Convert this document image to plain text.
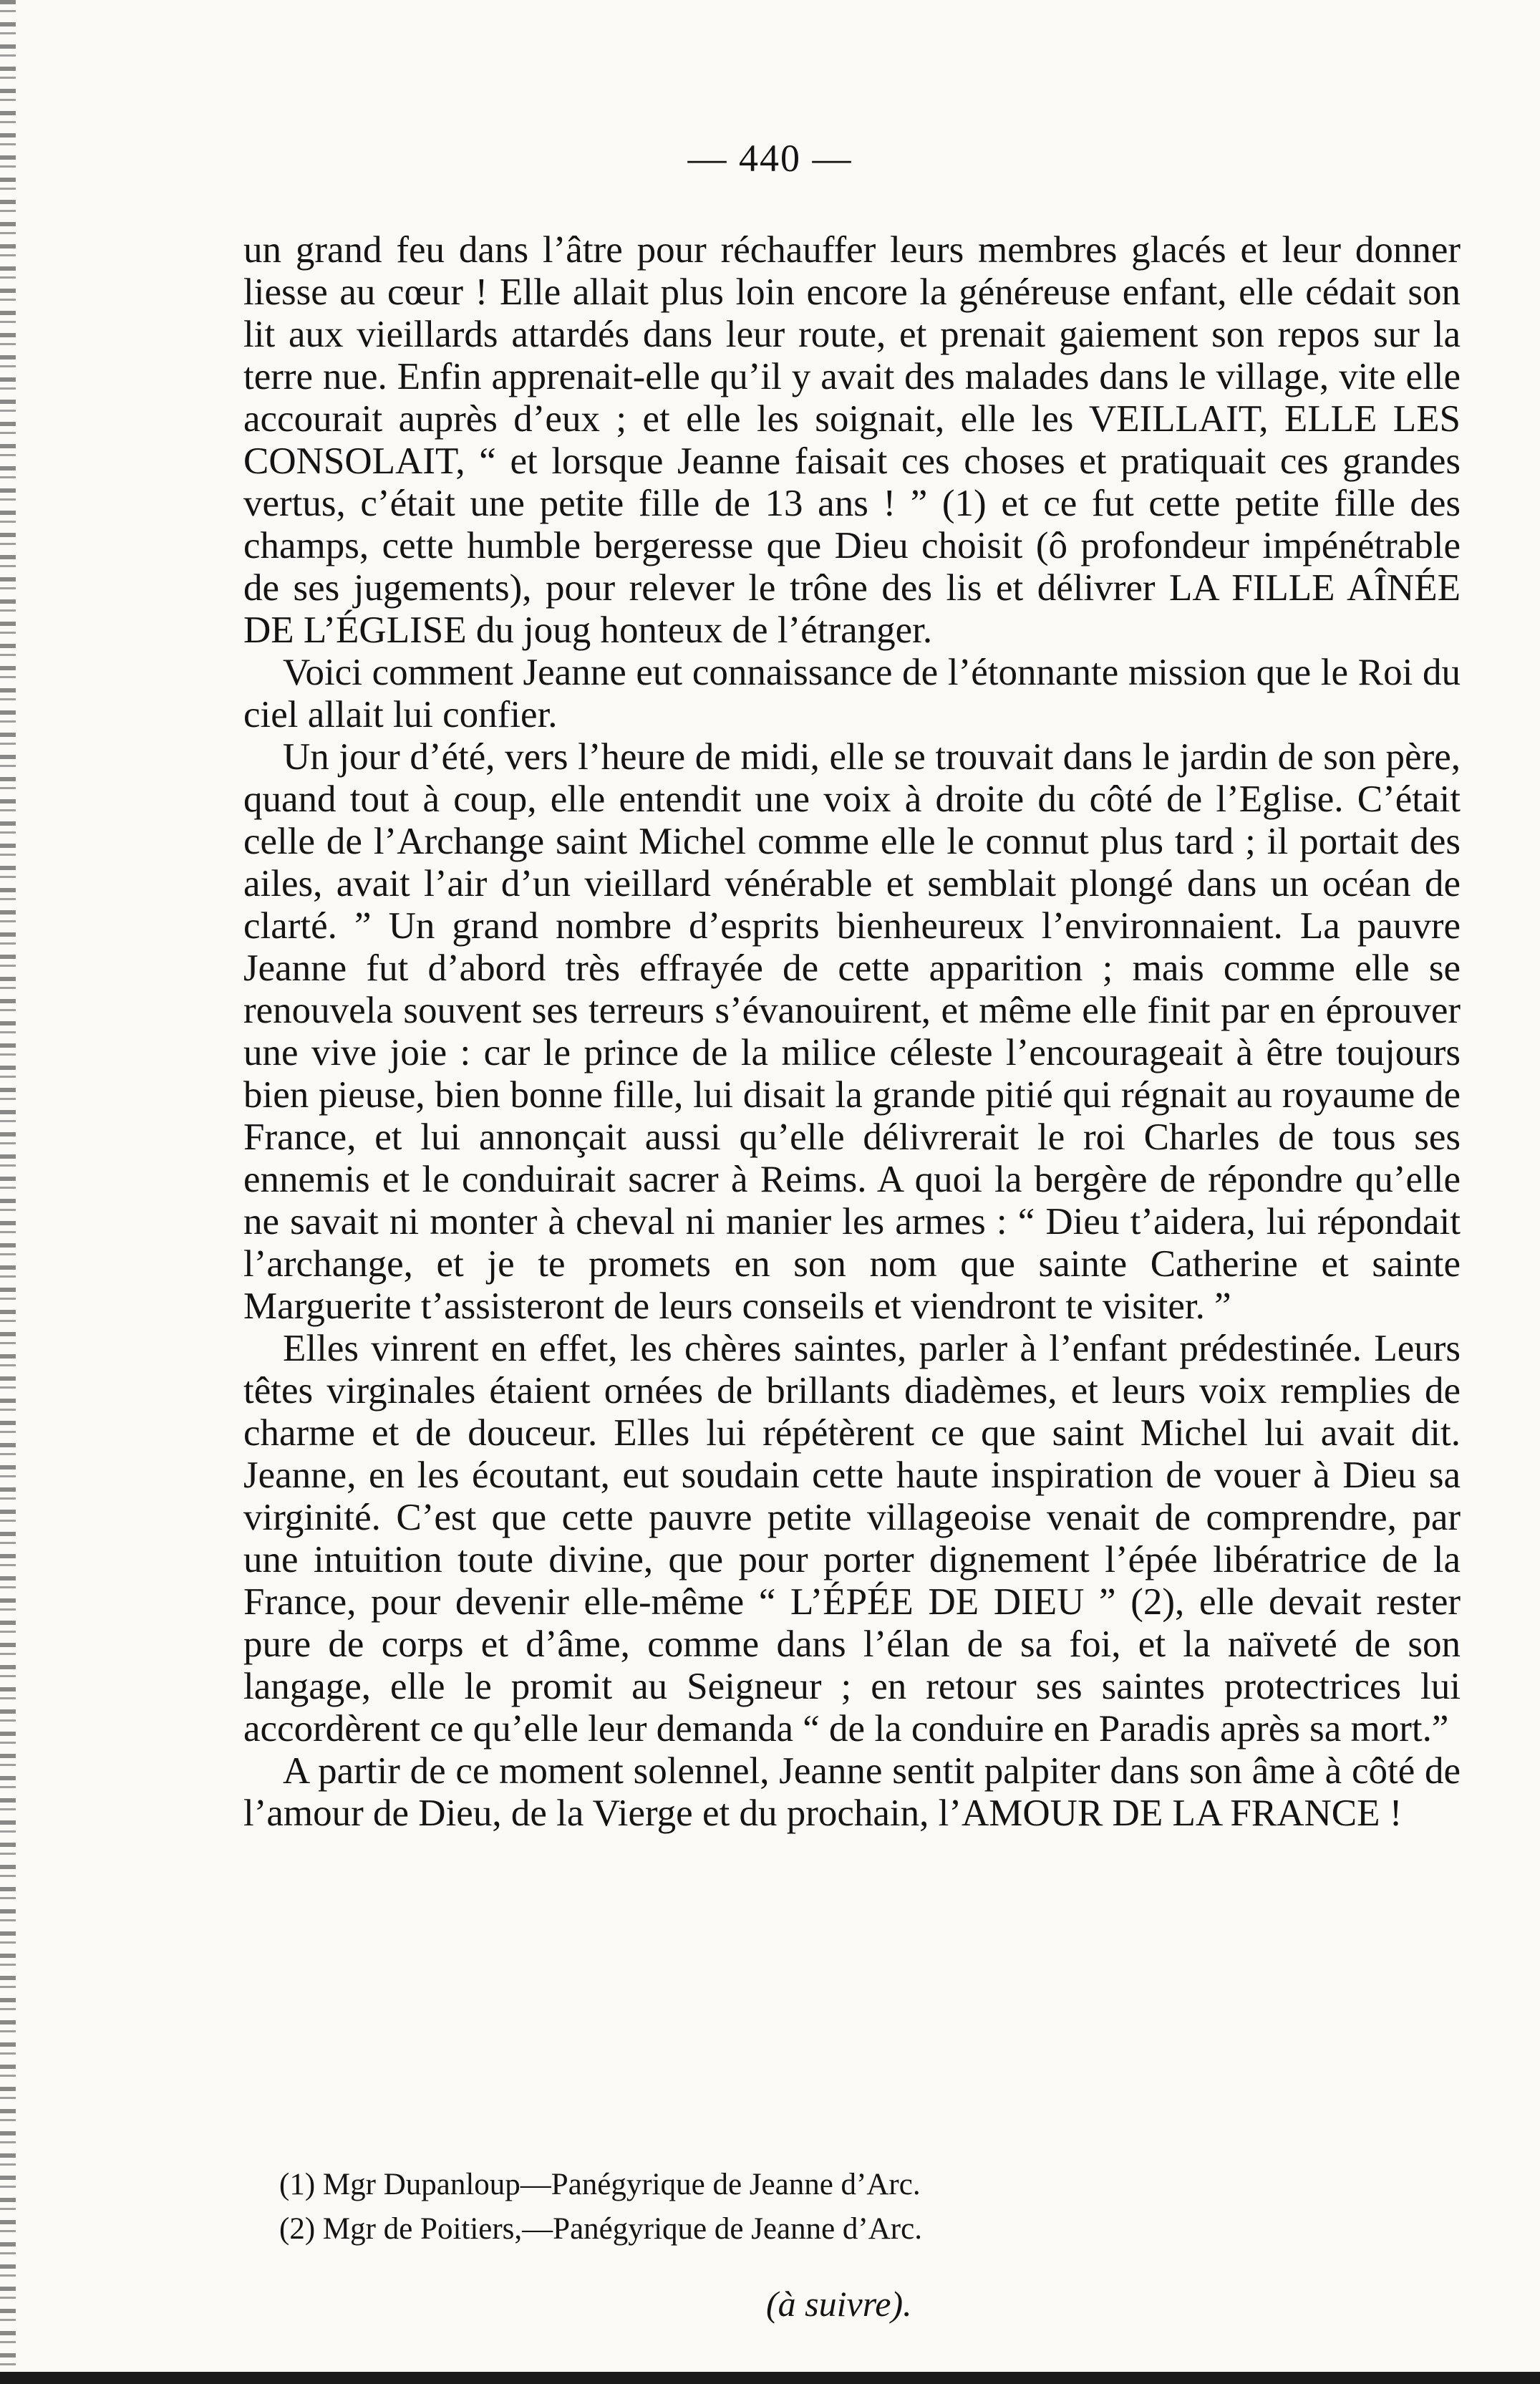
— 440 —

un grand feu dans l’âtre pour réchauffer leurs membres glacés et leur donner liesse au cœur ! Elle allait plus loin encore la généreuse enfant, elle cédait son lit aux vieillards attardés dans leur route, et prenait gaiement son repos sur la terre nue. Enfin apprenait-elle qu’il y avait des malades dans le village, vite elle accourait auprès d’eux ; et elle les soignait, elle les VEILLAIT, ELLE LES CONSOLAIT, “ et lorsque Jeanne faisait ces choses et pratiquait ces grandes vertus, c’était une petite fille de 13 ans ! ” (1) et ce fut cette petite fille des champs, cette humble bergeresse que Dieu choisit (ô profondeur impénétrable de ses jugements), pour relever le trône des lis et délivrer LA FILLE AÎNÉE DE L’ÉGLISE du joug honteux de l’étranger.

Voici comment Jeanne eut connaissance de l’étonnante mission que le Roi du ciel allait lui confier.

Un jour d’été, vers l’heure de midi, elle se trouvait dans le jardin de son père, quand tout à coup, elle entendit une voix à droite du côté de l’Eglise. C’était celle de l’Archange saint Michel comme elle le connut plus tard ; il portait des ailes, avait l’air d’un vieillard vénérable et semblait plongé dans un océan de clarté. ” Un grand nombre d’esprits bienheureux l’environnaient. La pauvre Jeanne fut d’abord très effrayée de cette apparition ; mais comme elle se renouvela souvent ses terreurs s’évanouirent, et même elle finit par en éprouver une vive joie : car le prince de la milice céleste l’encourageait à être toujours bien pieuse, bien bonne fille, lui disait la grande pitié qui régnait au royaume de France, et lui annonçait aussi qu’elle délivrerait le roi Charles de tous ses ennemis et le conduirait sacrer à Reims. A quoi la bergère de répondre qu’elle ne savait ni monter à cheval ni manier les armes : “ Dieu t’aidera, lui répondait l’archange, et je te promets en son nom que sainte Catherine et sainte Marguerite t’assisteront de leurs conseils et viendront te visiter. ”

Elles vinrent en effet, les chères saintes, parler à l’enfant prédestinée. Leurs têtes virginales étaient ornées de brillants diadèmes, et leurs voix remplies de charme et de douceur. Elles lui répétèrent ce que saint Michel lui avait dit. Jeanne, en les écoutant, eut soudain cette haute inspiration de vouer à Dieu sa virginité. C’est que cette pauvre petite villageoise venait de comprendre, par une intuition toute divine, que pour porter dignement l’épée libératrice de la France, pour devenir elle-même “ L’ÉPÉE DE DIEU ” (2), elle devait rester pure de corps et d’âme, comme dans l’élan de sa foi, et la naïveté de son langage, elle le promit au Seigneur ; en retour ses saintes protectrices lui accordèrent ce qu’elle leur demanda “ de la conduire en Paradis après sa mort.”

A partir de ce moment solennel, Jeanne sentit palpiter dans son âme à côté de l’amour de Dieu, de la Vierge et du prochain, l’AMOUR DE LA FRANCE !

(1) Mgr Dupanloup—Panégyrique de Jeanne d’Arc.
(2) Mgr de Poitiers,—Panégyrique de Jeanne d’Arc.
(à suivre).
